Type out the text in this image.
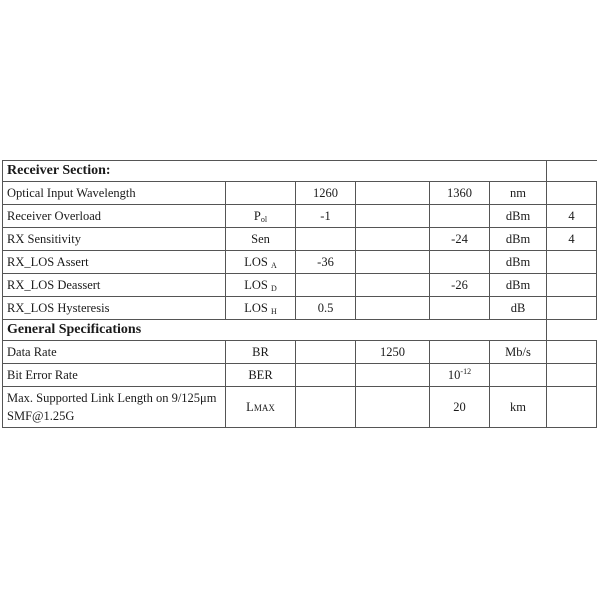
Receiver Section:						
Optical Input Wavelength		1260		1360	nm	
Receiver Overload	$P_{ol}$	-1			dBm	4
RX Sensitivity	Sen			-24	dBm	4
RX_LOS Assert	LOS $_A$	-36			dBm	
RX_LOS Deassert	LOS $_D$			-26	dBm	
RX_LOS Hysteresis	LOS $_H$	0.5			dB	
General Specifications						
Data Rate	BR		1250		Mb/s	
Bit Error Rate	BER			$10^{-12}$		
Max. Supported Link Length on 9/125μm SMF@1.25G	LMAX			20	km	
